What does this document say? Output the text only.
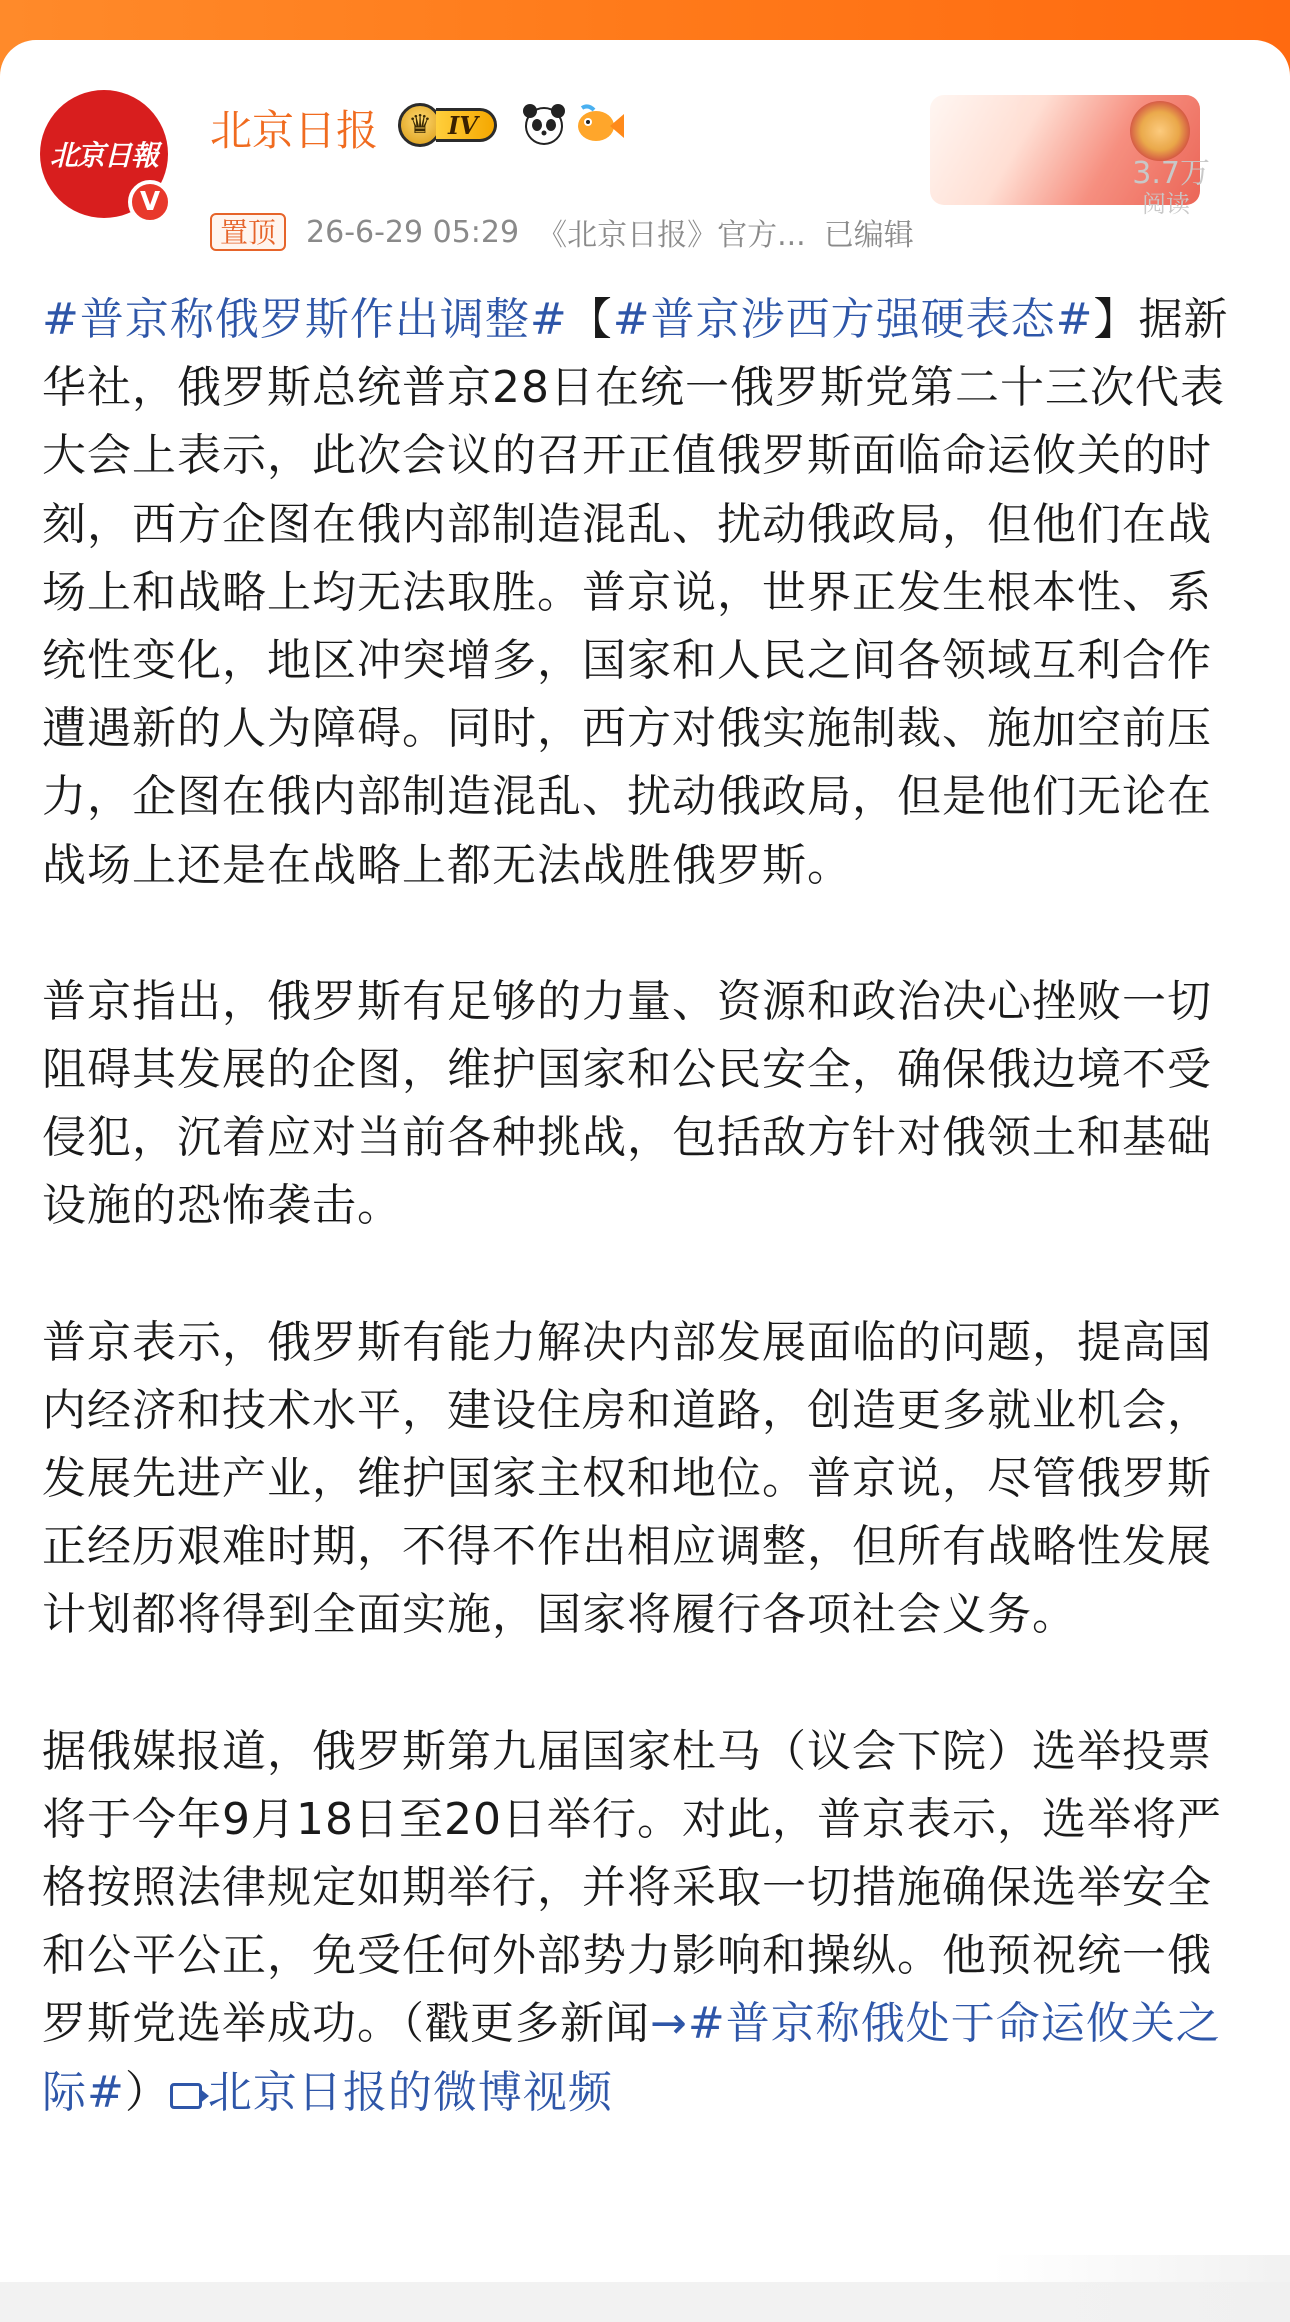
北京日報
V
北京日报	♛ IV
置顶	26-6-29 05:29 《北京日报》官方... 已编辑
3.7万
阅读

#普京称俄罗斯作出调整#【#普京涉西方强硬表态#】据新华社，俄罗斯总统普京28日在统一俄罗斯党第二十三次代表大会上表示，此次会议的召开正值俄罗斯面临命运攸关的时刻，西方企图在俄内部制造混乱、扰动俄政局，但他们在战场上和战略上均无法取胜。普京说，世界正发生根本性、系统性变化，地区冲突增多，国家和人民之间各领域互利合作遭遇新的人为障碍。同时，西方对俄实施制裁、施加空前压力，企图在俄内部制造混乱、扰动俄政局，但是他们无论在战场上还是在战略上都无法战胜俄罗斯。

普京指出，俄罗斯有足够的力量、资源和政治决心挫败一切阻碍其发展的企图，维护国家和公民安全，确保俄边境不受侵犯，沉着应对当前各种挑战，包括敌方针对俄领土和基础设施的恐怖袭击。

普京表示，俄罗斯有能力解决内部发展面临的问题，提高国内经济和技术水平，建设住房和道路，创造更多就业机会，发展先进产业，维护国家主权和地位。普京说，尽管俄罗斯正经历艰难时期，不得不作出相应调整，但所有战略性发展计划都将得到全面实施，国家将履行各项社会义务。

据俄媒报道，俄罗斯第九届国家杜马（议会下院）选举投票将于今年9月18日至20日举行。对此，普京表示，选举将严格按照法律规定如期举行，并将采取一切措施确保选举安全和公平公正，免受任何外部势力影响和操纵。他预祝统一俄罗斯党选举成功。（戳更多新闻→#普京称俄处于命运攸关之际#） 北京日报的微博视频
